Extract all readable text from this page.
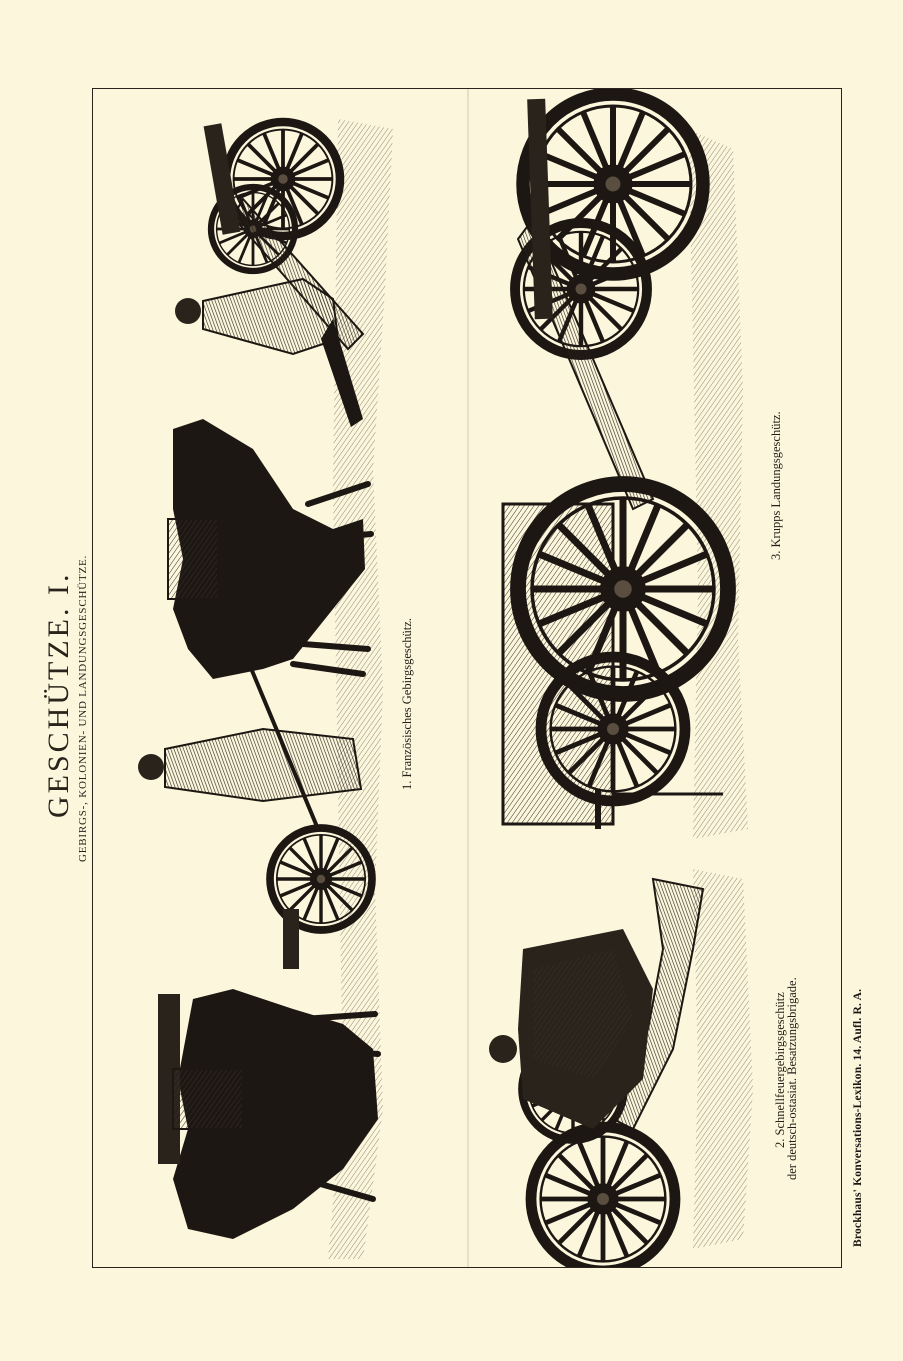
GESCHÜTZE. I. GEBIRGS-, KOLONIEN- UND LANDUNGSGESCHÜTZE.	1. Französisches Gebirgsgeschütz.
2. Schnellfeuergebirgsgeschütz
der deutsch-ostasiat. Besatzungsbrigade.
3. Krupps Landungsgeschütz.
Brockhaus' Konversations-Lexikon. 14. Aufl. R. A.
